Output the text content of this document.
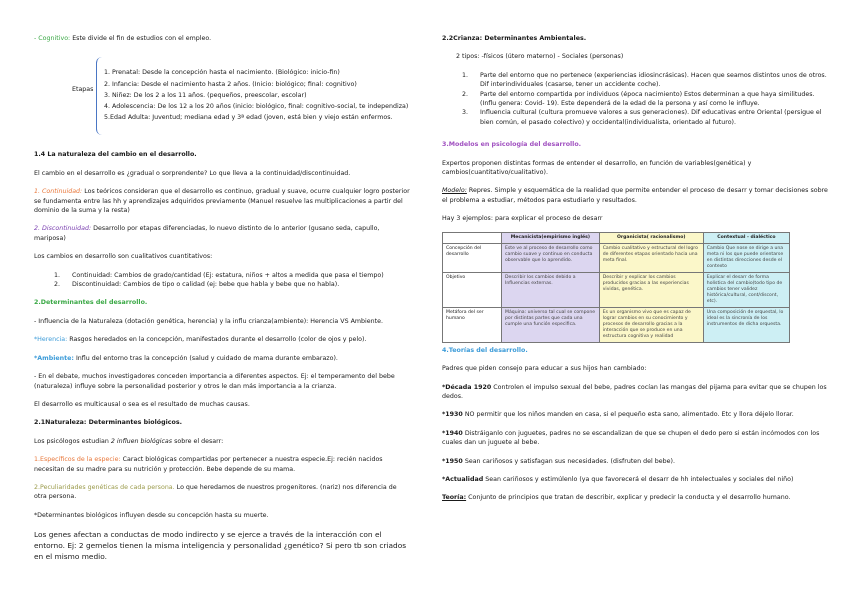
- Cognitivo: Este divide el fin de estudios con el empleo.

Etapas

1. Prenatal: Desde la concepción hasta el nacimiento. (Biológico: inicio-fin)

2. Infancia: Desde el nacimiento hasta 2 años. (Inicio: biológico; final: cognitivo)

3. Niñez: De los 2 a los 11 años. (pequeños, preescolar, escolar)

4. Adolescencia: De los 12 a los 20 años (inicio: biológico, final: cognitivo-social, te independiza)

5.Edad Adulta: Juventud; mediana edad y 3ª edad (joven, está bien y viejo están enfermos.

1.4 La naturaleza del cambio en el desarrollo.

El cambio en el desarrollo es ¿gradual o sorprendente? Lo que lleva a la continuidad/discontinuidad.

1. Continuidad: Los teóricos consideran que el desarrollo es continuo, gradual y suave, ocurre cualquier logro posterior se fundamenta entre las hh y aprendizajes adquiridos previamente (Manuel resuelve las multiplicaciones a partir del dominio de la suma y la resta)

2. Discontinuidad: Desarrollo por etapas diferenciadas, lo nuevo distinto de lo anterior (gusano seda, capullo, mariposa)

Los cambios en desarrollo son cualitativos cuantitativos:

1. Continuidad: Cambios de grado/cantidad (Ej: estatura, niños + altos a medida que pasa el tiempo)

2. Discontinuidad: Cambios de tipo o calidad (ej: bebe que habla y bebe que no habla).

2.Determinantes del desarrollo.

- Influencia de la Naturaleza (dotación genética, herencia) y la influ crianza(ambiente): Herencia VS Ambiente.

*Herencia: Rasgos heredados en la concepción, manifestados durante el desarrollo (color de ojos y pelo).

*Ambiente: Influ del entorno tras la concepción (salud y cuidado de mama durante embarazo).

- En el debate, muchos investigadores conceden importancia a diferentes aspectos. Ej: el temperamento del bebe (naturaleza) influye sobre la personalidad posterior y otros le dan más importancia a la crianza.

El desarrollo es multicausal o sea es el resultado de muchas causas.

2.1Naturaleza: Determinantes biológicos.

Los psicólogos estudian 2 influen biológicas sobre el desarr:

1.Específicos de la especie: Caract biológicas compartidas por pertenecer a nuestra especie.Ej: recién nacidos necesitan de su madre para su nutrición y protección. Bebe depende de su mama.

2.Peculiaridades genéticas de cada persona. Lo que heredamos de nuestros progenitores. (nariz) nos diferencia de otra persona.

*Determinantes biológicos influyen desde su concepción hasta su muerte.

Los genes afectan a conductas de modo indirecto y se ejerce a través de la interacción con el entorno. Ej: 2 gemelos tienen la misma inteligencia y personalidad ¿genético? Si pero tb son criados en el mismo medio.

2.2Crianza: Determinantes Ambientales.

2 tipos: -físicos (útero materno) - Sociales (personas)

1. Parte del entorno que no pertenece (experiencias idiosincrásicas). Hacen que seamos distintos unos de otros. Dif interindividuales (casarse, tener un accidente coche).

2. Parte del entorno compartida por individuos (época nacimiento) Estos determinan a que haya similitudes. (Influ genera: Covid- 19). Este dependerá de la edad de la persona y así como le influye.

3. Influencia cultural (cultura promueve valores a sus generaciones). Dif educativas entre Oriental (persigue el bien común, el pasado colectivo) y occidental(individualista, orientado al futuro).

3.Modelos en psicología del desarrollo.

Expertos proponen distintas formas de entender el desarrollo, en función de variables(genética) y cambios(cuantitativo/cualitativo).

Modelo: Repres. Simple y esquemática de la realidad que permite entender el proceso de desarr y tomar decisiones sobre el problema a estudiar, métodos para estudiarlo y resultados.

Hay 3 ejemplos: para explicar el proceso de desarr

	Mecanicista(empirismo inglés)	Organicista( racionalismo)	Contextual - dialéctico
Concepción del desarrollo	Este ve al proceso de desarrollo como cambio suave y continuo en conducta observable que lo aprendido.	Cambio cualitativo y estructural del logro de diferentes etapas orientado hacia una meta final.	Cambio Que nose se dirige a una meta ni los que puede orientarse en distintas direcciones desde el contexto
Objetivo	Describir los cambios debido a Influencias externas.	Describir y explicar los cambios producidos gracias a las experiencias vividas, genética.	Explicar el desarr de forma holística del cambio(todo tipo de cambios tener validez histórica/cultural, cont/discont, etc).
Metáfora del ser humano	Máquina: universo tal cual se compone por distintas partes que cada una cumple una función especifica.	Es un organismo vivo que es capaz de lograr cambios en su conocimiento y procesos de desarrollo gracias a la interacción que se produce en una estructura cognitiva y realidad	Una composición de orquestal, lo ideal es la sincronía de los instrumentos de dicha orquesta.

4.Teorías del desarrollo.

Padres que piden consejo para educar a sus hijos han cambiado:

*Década 1920 Controlen el impulso sexual del bebe, padres cocían las mangas del pijama para evitar que se chupen los dedos.

*1930 NO permitir que los niños manden en casa, si el pequeño esta sano, alimentado. Etc y llora déjelo llorar.

*1940 Distráiganlo con juguetes, padres no se escandalizan de que se chupen el dedo pero si están incómodos con los cuales dan un juguete al bebe.

*1950 Sean cariñosos y satisfagan sus necesidades. (disfruten del bebe).

*Actualidad Sean cariñosos y estimúlenlo (ya que favorecerá el desarr de hh intelectuales y sociales del niño)

Teoría: Conjunto de principios que tratan de describir, explicar y predecir la conducta y el desarrollo humano.
